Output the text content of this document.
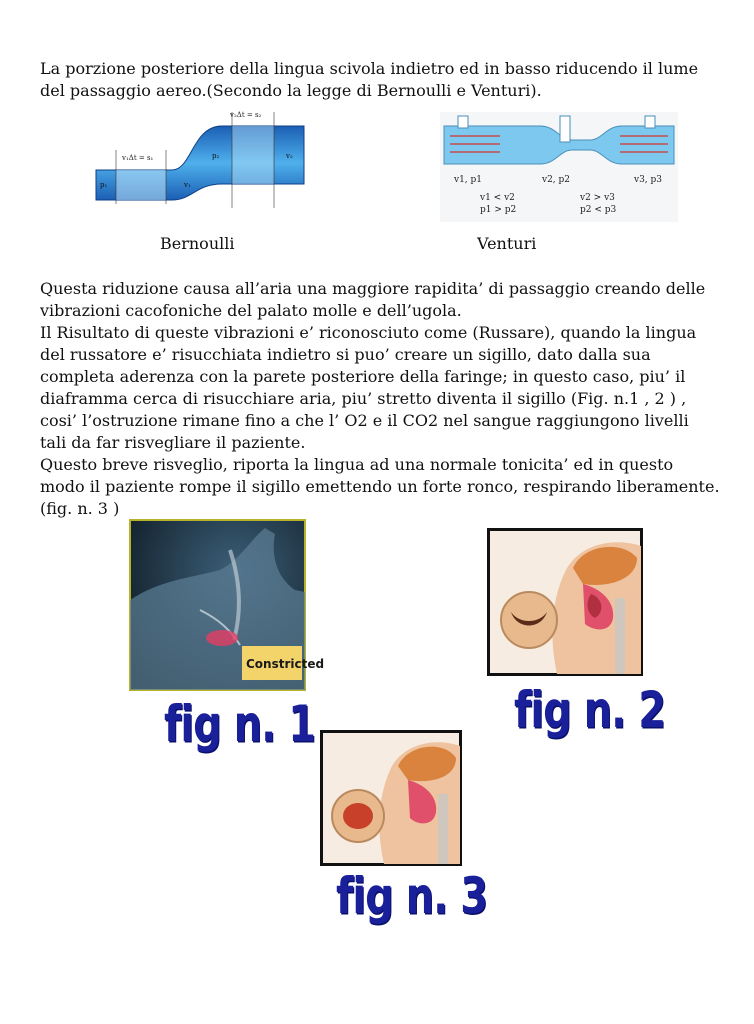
La porzione posteriore della lingua scivola indietro ed in basso riducendo il lume del passaggio aereo.(Secondo la legge di Bernoulli e Venturi).

v₂Δt = s₂
v₁Δt = s₁
p₁	v₁
p₂	v₂
v1, p1	v2, p2	v3, p3
v1 < v2
p1 > p2
v2 > v3
p2 < p3
Bernoulli	Venturi
Questa riduzione causa all’aria una maggiore rapidita’ di passaggio creando delle vibrazioni cacofoniche del palato molle e dell’ugola.
Il Risultato di queste vibrazioni e’ riconosciuto come (Russare), quando la lingua del russatore e’ risucchiata indietro si puo’ creare un sigillo, dato dalla sua completa aderenza con la parete posteriore della faringe; in questo caso, piu’ il diaframma cerca di risucchiare aria, piu’ stretto diventa il sigillo (Fig. n.1 , 2 ) , cosi’ l’ostruzione rimane fino a che l’ O2 e il CO2 nel sangue raggiungono livelli tali da far risvegliare il paziente.
Questo breve risveglio, riporta la lingua ad una normale tonicita’ ed in questo modo il paziente rompe il sigillo emettendo un forte ronco, respirando liberamente. (fig. n. 3 )
Constricted
fig n. 1	fig n. 2
fig n. 3
